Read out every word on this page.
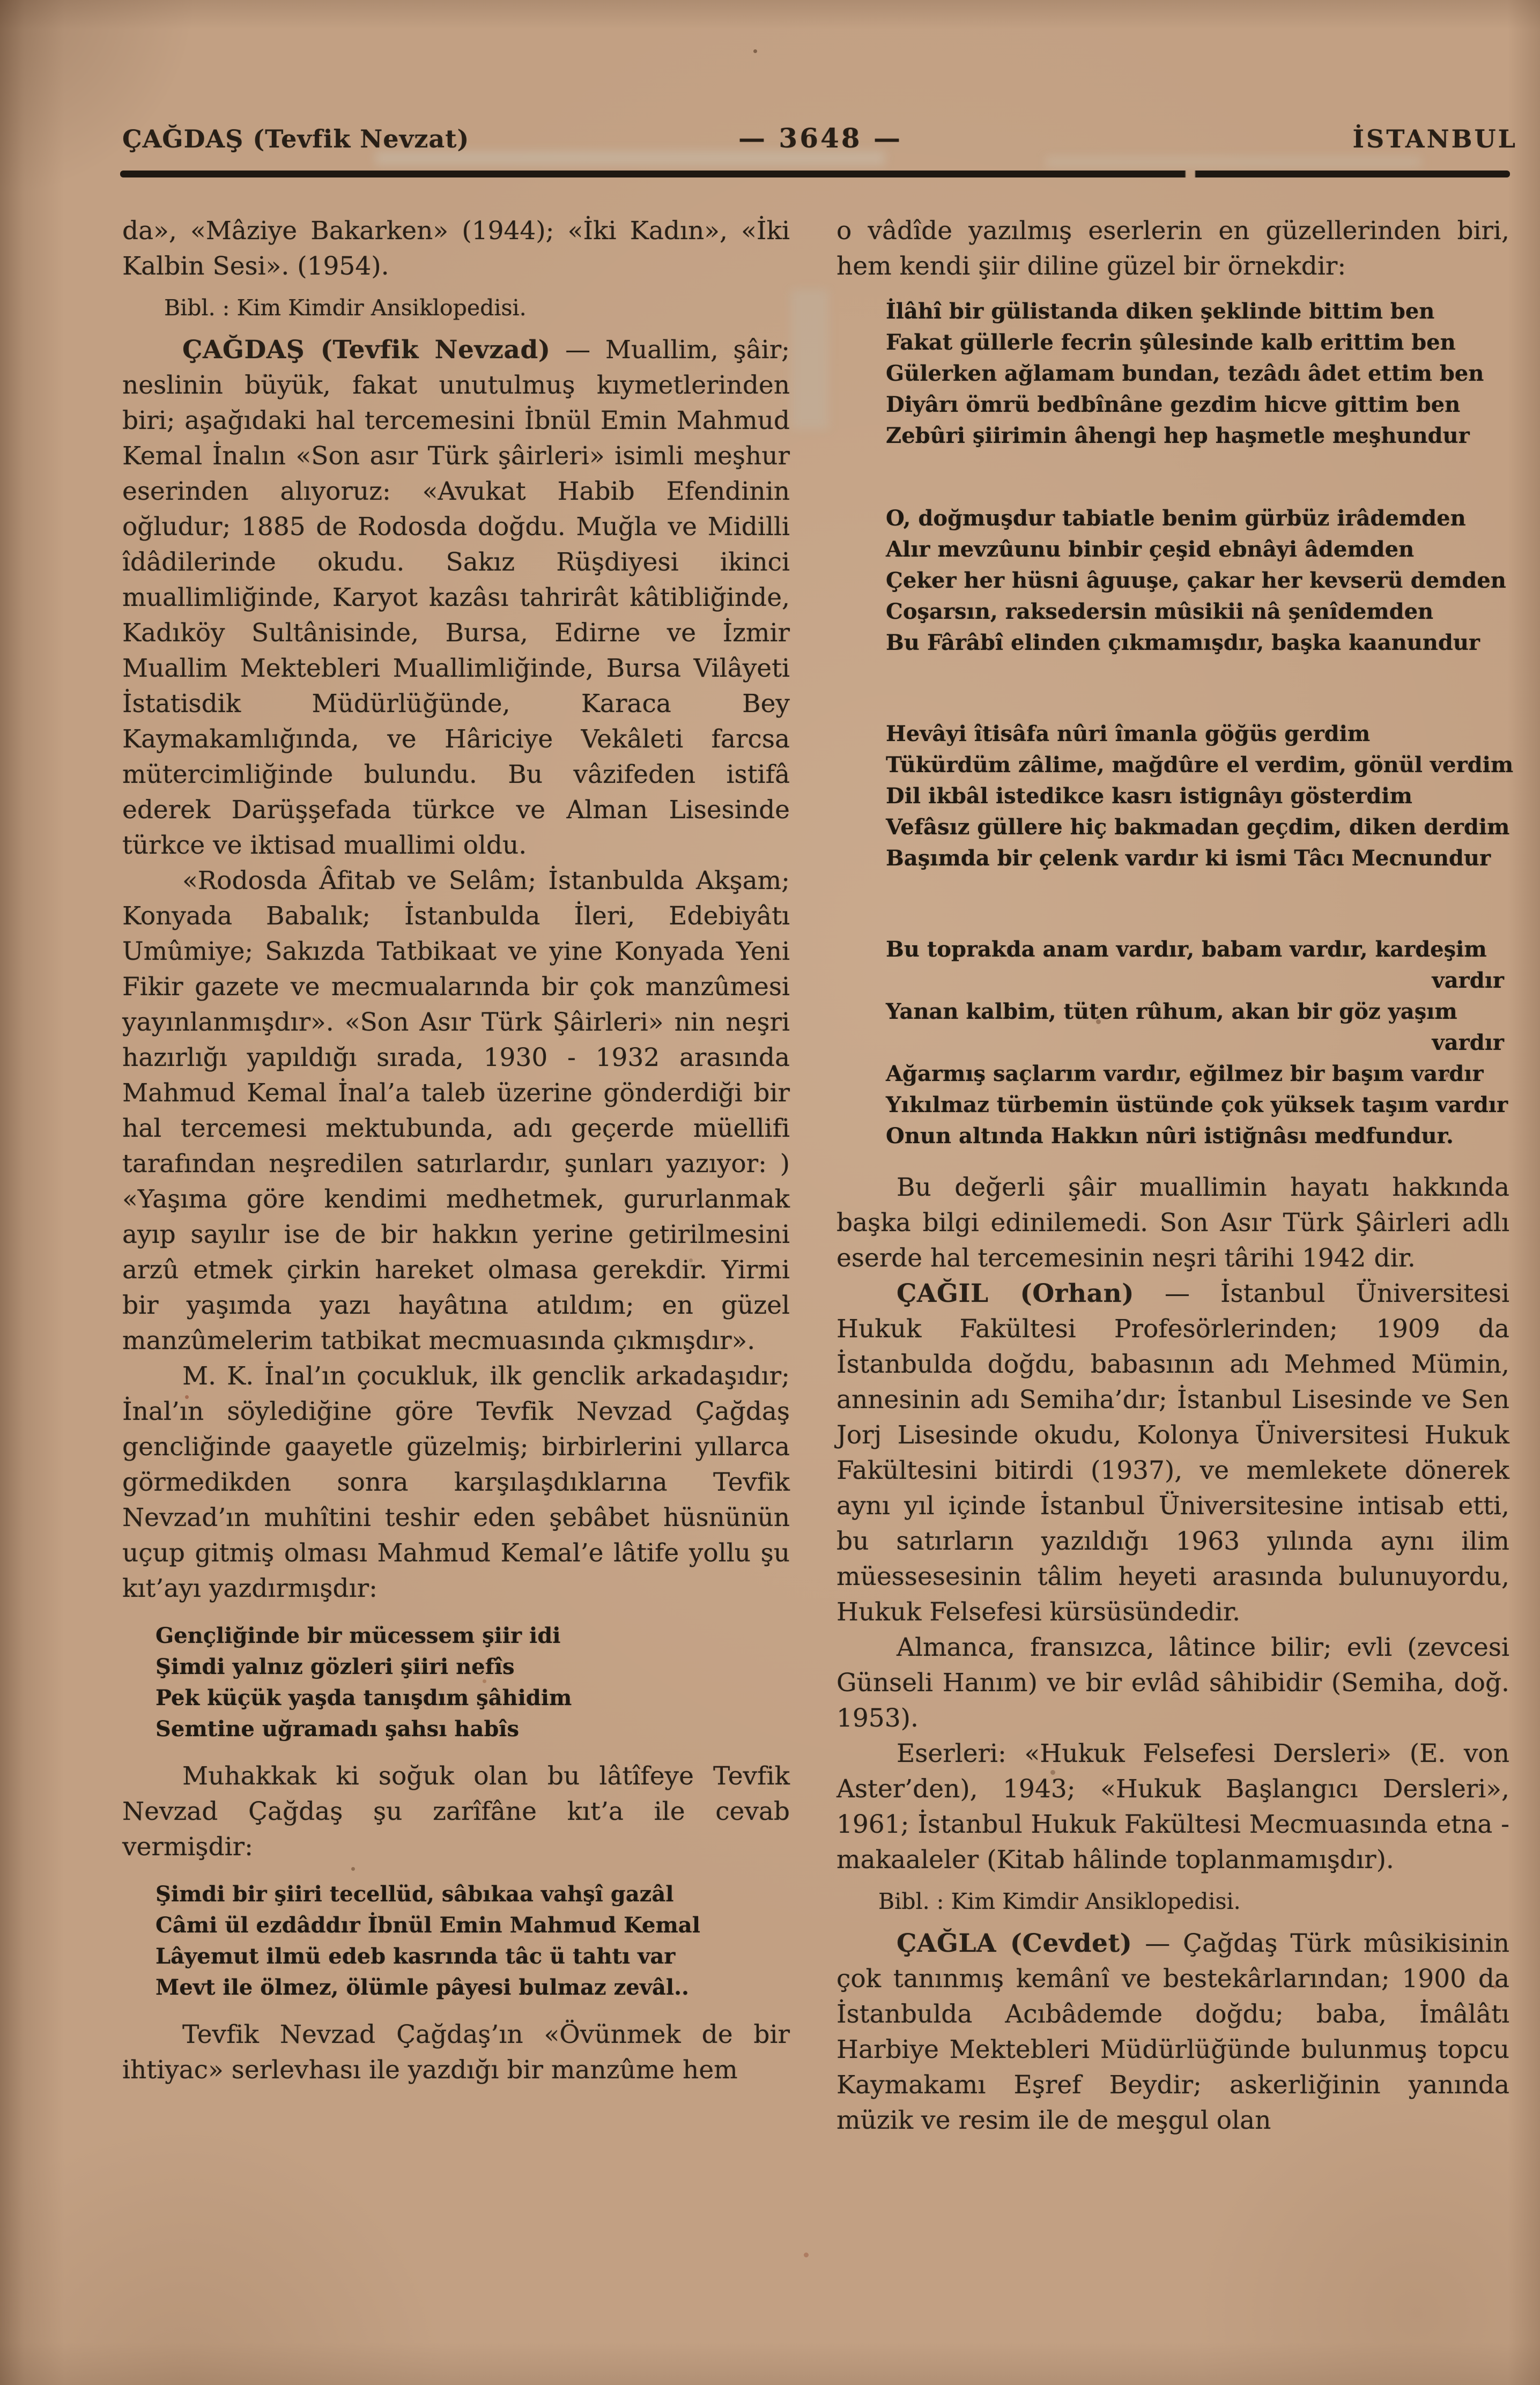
ÇAĞDAŞ (Tevfik Nevzat)	— 3648 —	İSTANBUL

da», «Mâziye Bakarken» (1944); «İki Kadın», «İki Kalbin Sesi». (1954).

Bibl. : Kim Kimdir Ansiklopedisi.

ÇAĞDAŞ (Tevfik Nevzad) — Muallim, şâir; neslinin büyük, fakat unutulmuş kıymetlerinden biri; aşağıdaki hal tercemesini İbnül Emin Mahmud Kemal İnalın «Son asır Türk şâirleri» isimli meşhur eserinden alıyoruz: «Avukat Habib Efendinin oğludur; 1885 de Rodosda doğdu. Muğla ve Midilli îdâdilerinde okudu. Sakız Rüşdiyesi ikinci muallimliğinde, Karyot kazâsı tahrirât kâtibliğinde, Kadıköy Sultânisinde, Bursa, Edirne ve İzmir Muallim Mektebleri Muallimliğinde, Bursa Vilâyeti İstatisdik Müdürlüğünde, Karaca Bey Kaymakamlığında, ve Hâriciye Vekâleti farcsa mütercimliğinde bulundu. Bu vâzifeden istifâ ederek Darüşşefada türkce ve Alman Lisesinde türkce ve iktisad muallimi oldu.

«Rodosda Âfitab ve Selâm; İstanbulda Akşam; Konyada Babalık; İstanbulda İleri, Edebiyâtı Umûmiye; Sakızda Tatbikaat ve yine Konyada Yeni Fikir gazete ve mecmualarında bir çok manzûmesi yayınlanmışdır». «Son Asır Türk Şâirleri» nin neşri hazırlığı yapıldığı sırada, 1930 - 1932 arasında Mahmud Kemal İnal’a taleb üzerine gönderdiği bir hal tercemesi mektubunda, adı geçerde müellifi tarafından neşredilen satırlardır, şunları yazıyor: ) «Yaşıma göre kendimi medhetmek, gururlanmak ayıp sayılır ise de bir hakkın yerine getirilmesini arzû etmek çirkin hareket olmasa gerekdir. Yirmi bir yaşımda yazı hayâtına atıldım; en güzel manzûmelerim tatbikat mecmuasında çıkmışdır».

M. K. İnal’ın çocukluk, ilk genclik arkadaşıdır; İnal’ın söylediğine göre Tevfik Nevzad Çağdaş gencliğinde gaayetle güzelmiş; birbirlerini yıllarca görmedikden sonra karşılaşdıklarına Tevfik Nevzad’ın muhîtini teshir eden şebâbet hüsnünün uçup gitmiş olması Mahmud Kemal’e lâtife yollu şu kıt’ayı yazdırmışdır:

Gençliğinde bir mücessem şiir idi
Şimdi yalnız gözleri şiiri nefîs
Pek küçük yaşda tanışdım şâhidim
Semtine uğramadı şahsı habîs

Muhakkak ki soğuk olan bu lâtîfeye Tevfik Nevzad Çağdaş şu zarîfâne kıt’a ile cevab vermişdir:

Şimdi bir şiiri tecellüd, sâbıkaa vahşî gazâl
Câmi ül ezdâddır İbnül Emin Mahmud Kemal
Lâyemut ilmü edeb kasrında tâc ü tahtı var
Mevt ile ölmez, ölümle pâyesi bulmaz zevâl..

Tevfik Nevzad Çağdaş’ın «Övünmek de bir ihtiyac» serlevhası ile yazdığı bir manzûme hem

o vâdîde yazılmış eserlerin en güzellerinden biri, hem kendi şiir diline güzel bir örnekdir:

İlâhî bir gülistanda diken şeklinde bittim ben
Fakat güllerle fecrin şûlesinde kalb erittim ben
Gülerken ağlamam bundan, tezâdı âdet ettim ben
Diyârı ömrü bedbînâne gezdim hicve gittim ben
Zebûri şiirimin âhengi hep haşmetle meşhundur
O, doğmuşdur tabiatle benim gürbüz irâdemden
Alır mevzûunu binbir çeşid ebnâyi âdemden
Çeker her hüsni âguuşe, çakar her kevserü demden
Coşarsın, raksedersin mûsikii nâ şenîdemden
Bu Fârâbî elinden çıkmamışdır, başka kaanundur
Hevâyi îtisâfa nûri îmanla göğüs gerdim
Tükürdüm zâlime, mağdûre el verdim, gönül verdim
Dil ikbâl istedikce kasrı istignâyı gösterdim
Vefâsız güllere hiç bakmadan geçdim, diken derdim
Başımda bir çelenk vardır ki ismi Tâcı Mecnundur
Bu toprakda anam vardır, babam vardır, kardeşim
vardır
Yanan kalbim, tüten rûhum, akan bir göz yaşım
vardır
Ağarmış saçlarım vardır, eğilmez bir başım vardır
Yıkılmaz türbemin üstünde çok yüksek taşım vardır
Onun altında Hakkın nûri istiğnâsı medfundur.

Bu değerli şâir muallimin hayatı hakkında başka bilgi edinilemedi. Son Asır Türk Şâirleri adlı eserde hal tercemesinin neşri târihi 1942 dir.

ÇAĞIL (Orhan) — İstanbul Üniversitesi Hukuk Fakültesi Profesörlerinden; 1909 da İstanbulda doğdu, babasının adı Mehmed Mümin, annesinin adı Semiha’dır; İstanbul Lisesinde ve Sen Jorj Lisesinde okudu, Kolonya Üniversitesi Hukuk Fakültesini bitirdi (1937), ve memlekete dönerek aynı yıl içinde İstanbul Üniversitesine intisab etti, bu satırların yazıldığı 1963 yılında aynı ilim müessesesinin tâlim heyeti arasında bulunuyordu, Hukuk Felsefesi kürsüsündedir.

Almanca, fransızca, lâtince bilir; evli (zevcesi Günseli Hanım) ve bir evlâd sâhibidir (Semiha, doğ. 1953).

Eserleri: «Hukuk Felsefesi Dersleri» (E. von Aster’den), 1943; «Hukuk Başlangıcı Dersleri», 1961; İstanbul Hukuk Fakültesi Mecmuasında etna - makaaleler (Kitab hâlinde toplanmamışdır).

Bibl. : Kim Kimdir Ansiklopedisi.

ÇAĞLA (Cevdet) — Çağdaş Türk mûsikisinin çok tanınmış kemânî ve bestekârlarından; 1900 da İstanbulda Acıbâdemde doğdu; baba, İmâlâtı Harbiye Mektebleri Müdürlüğünde bulunmuş topcu Kaymakamı Eşref Beydir; askerliğinin yanında müzik ve resim ile de meşgul olan
